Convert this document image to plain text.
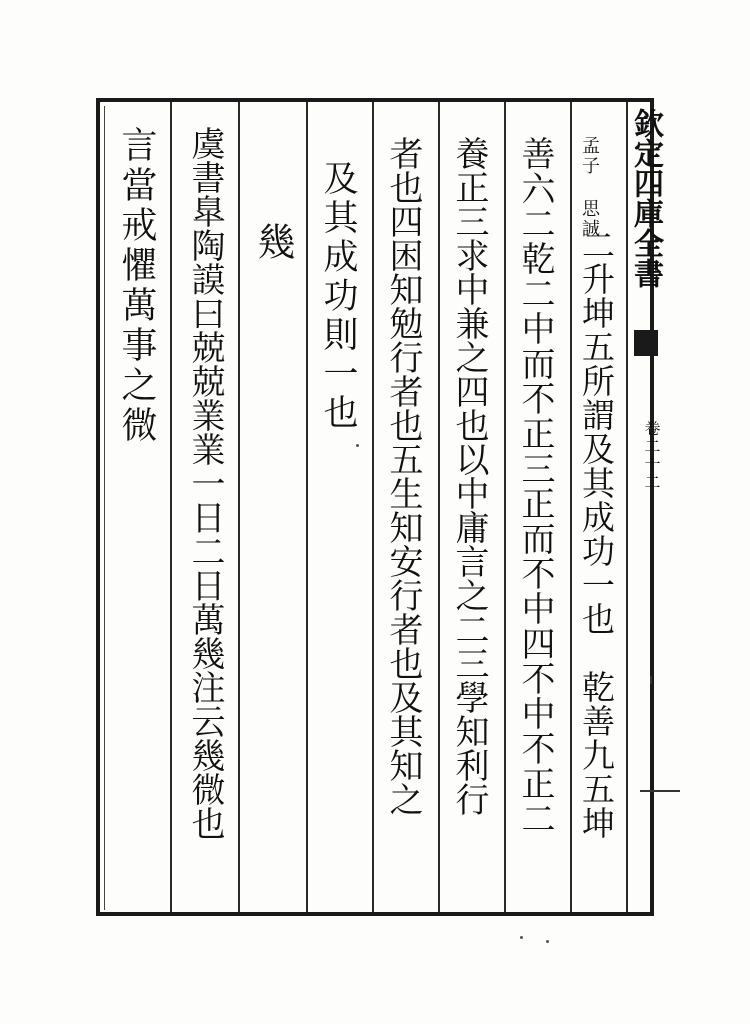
欽定四庫全書
卷二十二
孟子 思誠
二升坤五所謂及其成功一也　乾善九五坤
善六二乾二中而不正三正而不中四不中不正二
養正三求中兼之四也以中庸言之二三學知利行
者也四困知勉行者也五生知安行者也及其知之
及其成功則一也
幾
虞書臯陶謨曰兢兢業業一日二日萬幾注云幾微也
言當戒懼萬事之微
